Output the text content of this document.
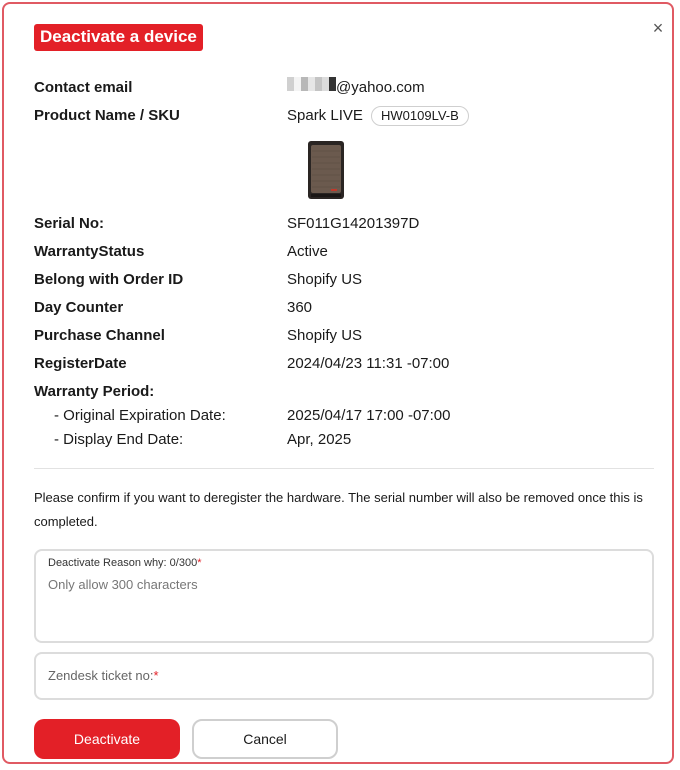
Deactivate a device	×
Contact email	@yahoo.com
Product Name / SKU	Spark LIVE	HW0109LV-B
Serial No:	SF011G14201397D
WarrantyStatus	Active
Belong with Order ID	Shopify US
Day Counter	360
Purchase Channel	Shopify US
RegisterDate	2024/04/23 11:31 -07:00
Warranty Period:
- Original Expiration Date:	2025/04/17 17:00 -07:00
- Display End Date:	Apr, 2025
Please confirm if you want to deregister the hardware. The serial number will also be removed once this is completed.
Deactivate Reason why: 0/300*
Only allow 300 characters
Zendesk ticket no:*
Deactivate	Cancel
